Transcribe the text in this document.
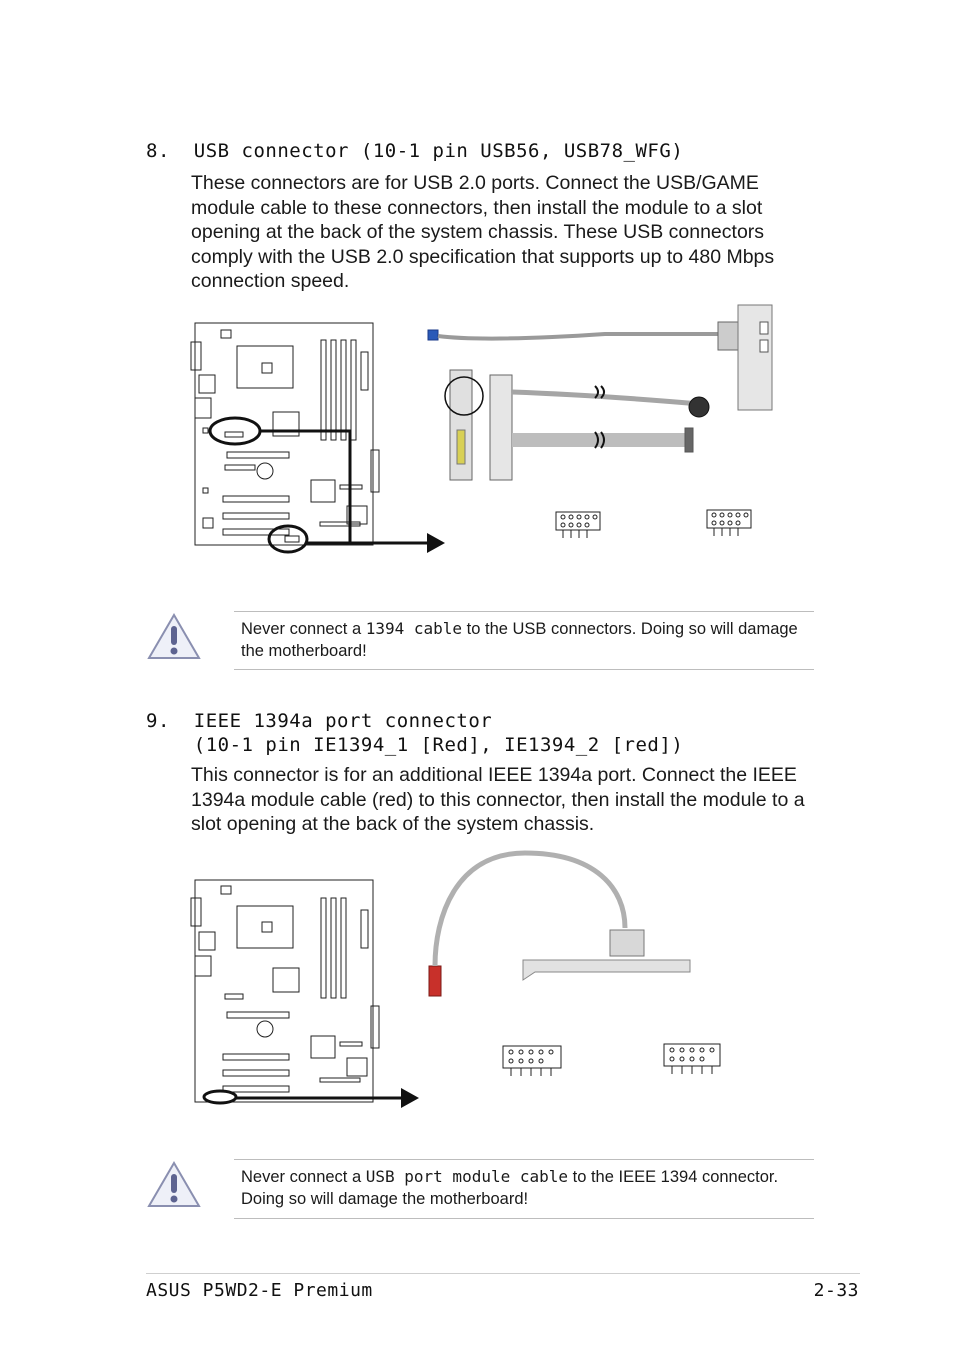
8.  USB connector (10-1 pin USB56, USB78_WFG)
These connectors are for USB 2.0 ports. Connect the USB/GAME module cable to these connectors, then install the module to a slot opening at the back of the system chassis. These USB connectors comply with the USB 2.0 specification that supports up to 480 Mbps connection speed.
Never connect a 1394 cable to the USB connectors. Doing so will damage the motherboard!
9.  IEEE 1394a port connector
(10-1 pin IE1394_1 [Red], IE1394_2 [red])
This connector is for an additional IEEE 1394a port. Connect the IEEE 1394a module cable (red) to this connector, then install the module to a slot opening at the back of the system chassis.
Never connect a USB port module cable to the IEEE 1394 connector. Doing so will damage the motherboard!
ASUS P5WD2-E Premium	2-33
